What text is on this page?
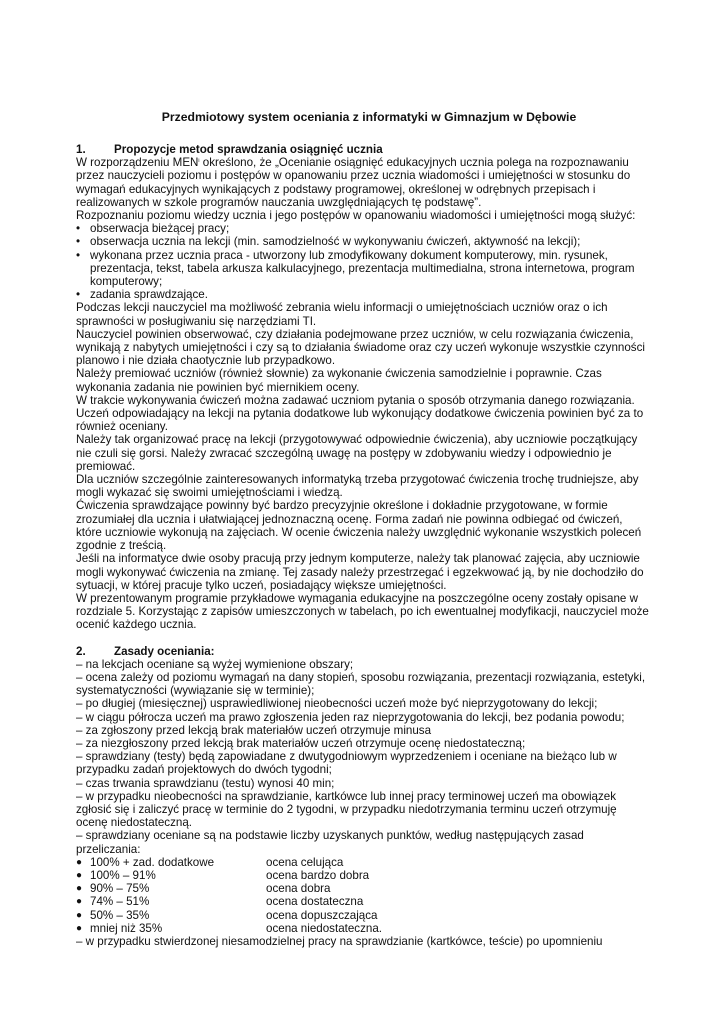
Przedmiotowy system oceniania z informatyki w Gimnazjum w Dębowie
1.	Propozycje metod sprawdzania osiągnięć ucznia

W rozporządzeniu MEN$^i$ określono, że „Ocenianie osiągnięć edukacyjnych ucznia polega na rozpoznawaniu przez nauczycieli poziomu i postępów w opanowaniu przez ucznia wiadomości i umiejętności w stosunku do wymagań edukacyjnych wynikających z podstawy programowej, określonej w odrębnych przepisach i realizowanych w szkole programów nauczania uwzględniających tę podstawę”.

Rozpoznaniu poziomu wiedzy ucznia i jego postępów w opanowaniu wiadomości i umiejętności mogą służyć:

• obserwacja bieżącej pracy;
• obserwacja ucznia na lekcji (min. samodzielność w wykonywaniu ćwiczeń, aktywność na lekcji);
• wykonana przez ucznia praca - utworzony lub zmodyfikowany dokument komputerowy, min. rysunek, prezentacja, tekst, tabela arkusza kalkulacyjnego, prezentacja multimedialna, strona internetowa, program komputerowy;
• zadania sprawdzające.

Podczas lekcji nauczyciel ma możliwość zebrania wielu informacji o umiejętnościach uczniów oraz o ich sprawności w posługiwaniu się narzędziami TI.

Nauczyciel powinien obserwować, czy działania podejmowane przez uczniów, w celu rozwiązania ćwiczenia, wynikają z nabytych umiejętności i czy są to działania świadome oraz czy uczeń wykonuje wszystkie czynności planowo i nie działa chaotycznie lub przypadkowo.

Należy premiować uczniów (również słownie) za wykonanie ćwiczenia samodzielnie i poprawnie. Czas wykonania zadania nie powinien być miernikiem oceny.

W trakcie wykonywania ćwiczeń można zadawać uczniom pytania o sposób otrzymania danego rozwiązania. Uczeń odpowiadający na lekcji na pytania dodatkowe lub wykonujący dodatkowe ćwiczenia powinien być za to również oceniany.

Należy tak organizować pracę na lekcji (przygotowywać odpowiednie ćwiczenia), aby uczniowie początkujący nie czuli się gorsi. Należy zwracać szczególną uwagę na postępy w zdobywaniu wiedzy i odpowiednio je premiować.

Dla uczniów szczególnie zainteresowanych informatyką trzeba przygotować ćwiczenia trochę trudniejsze, aby mogli wykazać się swoimi umiejętnościami i wiedzą.

Ćwiczenia sprawdzające powinny być bardzo precyzyjnie określone i dokładnie przygotowane, w formie zrozumiałej dla ucznia i ułatwiającej jednoznaczną ocenę. Forma zadań nie powinna odbiegać od ćwiczeń, które uczniowie wykonują na zajęciach. W ocenie ćwiczenia należy uwzględnić wykonanie wszystkich poleceń zgodnie z treścią.

Jeśli na informatyce dwie osoby pracują przy jednym komputerze, należy tak planować zajęcia, aby uczniowie mogli wykonywać ćwiczenia na zmianę. Tej zasady należy przestrzegać i egzekwować ją, by nie dochodziło do sytuacji, w której pracuje tylko uczeń, posiadający większe umiejętności.

W prezentowanym programie przykładowe wymagania edukacyjne na poszczególne oceny zostały opisane w rozdziale 5. Korzystając z zapisów umieszczonych w tabelach, po ich ewentualnej modyfikacji, nauczyciel może ocenić każdego ucznia.

2.	Zasady oceniania:

– na lekcjach oceniane są wyżej wymienione obszary;

– ocena zależy od poziomu wymagań na dany stopień, sposobu rozwiązania, prezentacji rozwiązania, estetyki, systematyczności (wywiązanie się w terminie);

– po długiej (miesięcznej) usprawiedliwionej nieobecności uczeń może być nieprzygotowany do lekcji;

– w ciągu półrocza uczeń ma prawo zgłoszenia jeden raz nieprzygotowania do lekcji, bez podania powodu;

– za zgłoszony przed lekcją brak materiałów uczeń otrzymuje minusa

– za niezgłoszony przed lekcją brak materiałów uczeń otrzymuje ocenę niedostateczną;

– sprawdziany (testy) będą zapowiadane z dwutygodniowym wyprzedzeniem i oceniane na bieżąco lub w przypadku zadań projektowych do dwóch tygodni;

– czas trwania sprawdzianu (testu) wynosi 40 min;

– w przypadku nieobecności na sprawdzianie, kartkówce lub innej pracy terminowej uczeń ma obowiązek zgłosić się i zaliczyć pracę w terminie do 2 tygodni, w przypadku niedotrzymania terminu uczeń otrzymuję ocenę niedostateczną.

– sprawdziany oceniane są na podstawie liczby uzyskanych punktów, według następujących zasad przeliczania:

● 100% + zad. dodatkowe	ocena celująca
● 100% – 91%	ocena bardzo dobra
● 90% – 75%	ocena dobra
● 74% – 51%	ocena dostateczna
● 50% – 35%	ocena dopuszczająca
● mniej niż 35%	ocena niedostateczna.

– w przypadku stwierdzonej niesamodzielnej pracy na sprawdzianie (kartkówce, teście) po upomnieniu
